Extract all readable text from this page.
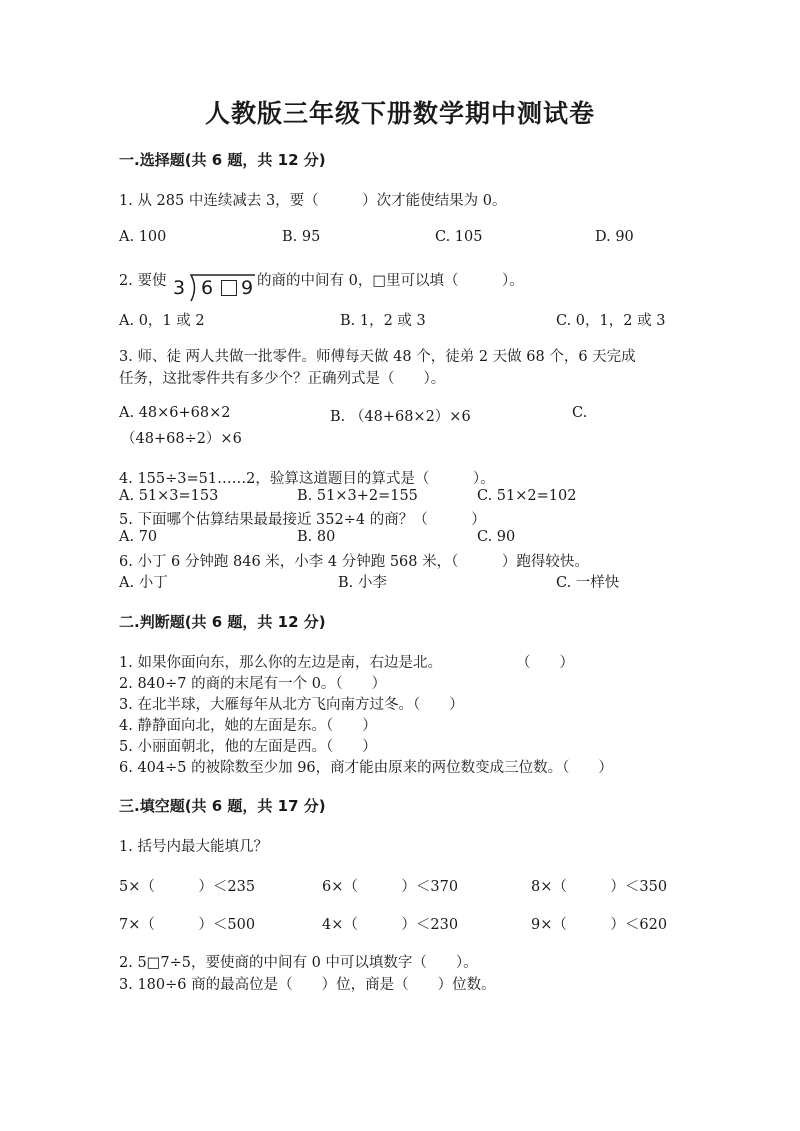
人教版三年级下册数学期中测试卷
一.选择题(共 6 题，共 12 分)
1. 从 285 中连续减去 3，要（　　　）次才能使结果为 0。
A. 100	B. 95	C. 105	D. 90
2. 要使 3 6 9 的商的中间有 0，□里可以填（　　　）。
A. 0，1 或 2	B. 1，2 或 3	C. 0，1，2 或 3
3. 师、徒 两人共做一批零件。师傅每天做 48 个，徒弟 2 天做 68 个，6 天完成
任务，这批零件共有多少个？正确列式是（　　）。
A. 48×6+68×2	B. （48+68×2）×6	C.
（48+68÷2）×6
4. 155÷3=51……2，验算这道题目的算式是（　　　）。
A. 51×3=153	B. 51×3+2=155	C. 51×2=102
5. 下面哪个估算结果最最接近 352÷4 的商？（　　　）
A. 70	B. 80	C. 90
6. 小丁 6 分钟跑 846 米，小李 4 分钟跑 568 米，（　　　）跑得较快。
A. 小丁	B. 小李	C. 一样快
二.判断题(共 6 题，共 12 分)
1. 如果你面向东，那么你的左边是南，右边是北。	（　　）
2. 840÷7 的商的末尾有一个 0。（　　）
3. 在北半球，大雁每年从北方飞向南方过冬。（　　）
4. 静静面向北，她的左面是东。（　　）
5. 小丽面朝北，他的左面是西。（　　）
6. 404÷5 的被除数至少加 96，商才能由原来的两位数变成三位数。（　　）
三.填空题(共 6 题，共 17 分)
1. 括号内最大能填几？
5×（　　　）＜235	6×（　　　）＜370	8×（　　　）＜350
7×（　　　）＜500	4×（　　　）＜230	9×（　　　）＜620
2. 5□7÷5，要使商的中间有 0 中可以填数字（　　）。
3. 180÷6 商的最高位是（　　）位，商是（　　）位数。
